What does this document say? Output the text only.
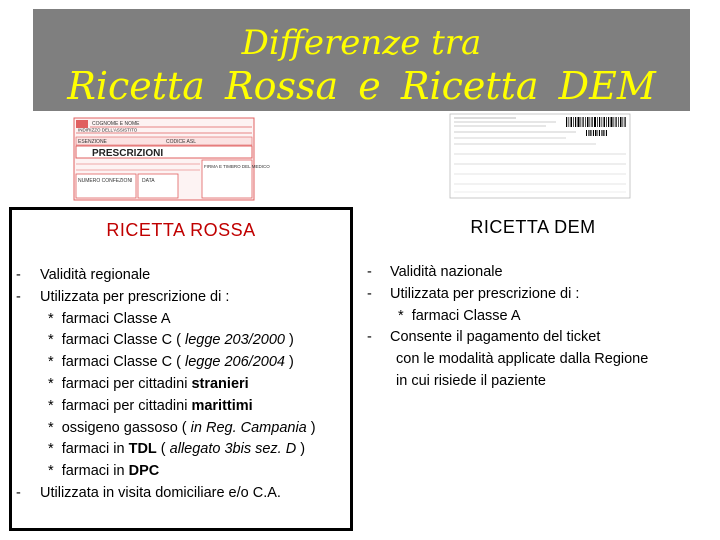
Differenze tra
Ricetta Rossa e Ricetta DEM
COGNOME E NOME
INDIRIZZO DELL'ASSISTITO
ESENZIONE	CODICE ASL
PRESCRIZIONI
NUMERO CONFEZIONI DATA
FIRMA E TIMBRO DEL MEDICO
RICETTA ROSSA
- Validità regionale
- Utilizzata per prescrizione di :
*  farmaci Classe A
*  farmaci Classe C ( legge 203/2000 )
*  farmaci Classe C ( legge 206/2004 )
*  farmaci per cittadini stranieri
*  farmaci per cittadini marittimi
*  ossigeno gassoso ( in Reg. Campania )
*  farmaci in TDL ( allegato 3bis sez. D )
*  farmaci in DPC
- Utilizzata in visita domiciliare e/o C.A.
RICETTA DEM
- Validità nazionale
- Utilizzata per prescrizione di :
*  farmaci Classe A
- Consente il pagamento del ticket
con le modalità applicate dalla Regione
in cui risiede il paziente
